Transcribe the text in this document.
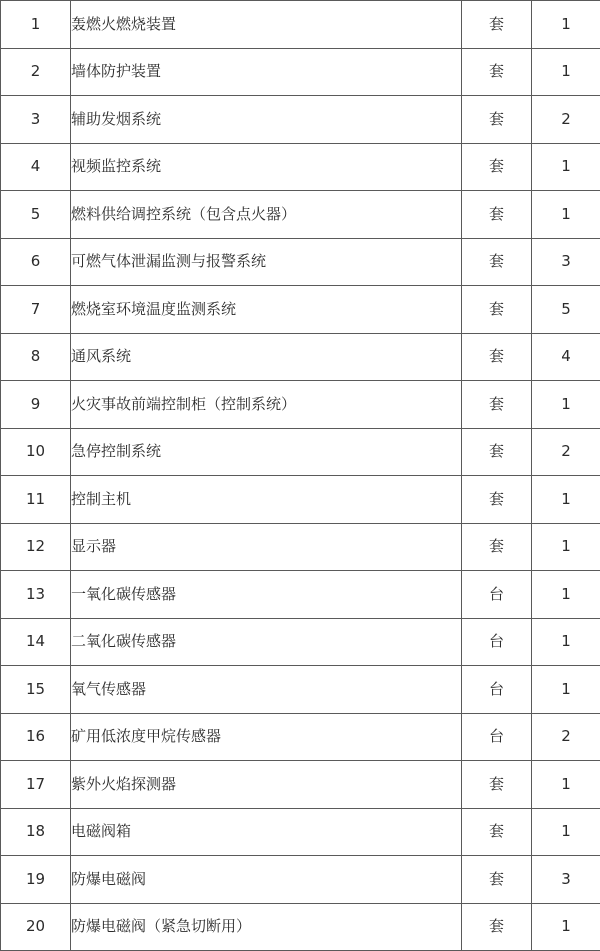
1	轰燃火燃烧装置	套	1
2	墙体防护装置	套	1
3	辅助发烟系统	套	2
4	视频监控系统	套	1
5	燃料供给调控系统（包含点火器）	套	1
6	可燃气体泄漏监测与报警系统	套	3
7	燃烧室环境温度监测系统	套	5
8	通风系统	套	4
9	火灾事故前端控制柜（控制系统）	套	1
10	急停控制系统	套	2
11	控制主机	套	1
12	显示器	套	1
13	一氧化碳传感器	台	1
14	二氧化碳传感器	台	1
15	氧气传感器	台	1
16	矿用低浓度甲烷传感器	台	2
17	紫外火焰探测器	套	1
18	电磁阀箱	套	1
19	防爆电磁阀	套	3
20	防爆电磁阀（紧急切断用）	套	1
